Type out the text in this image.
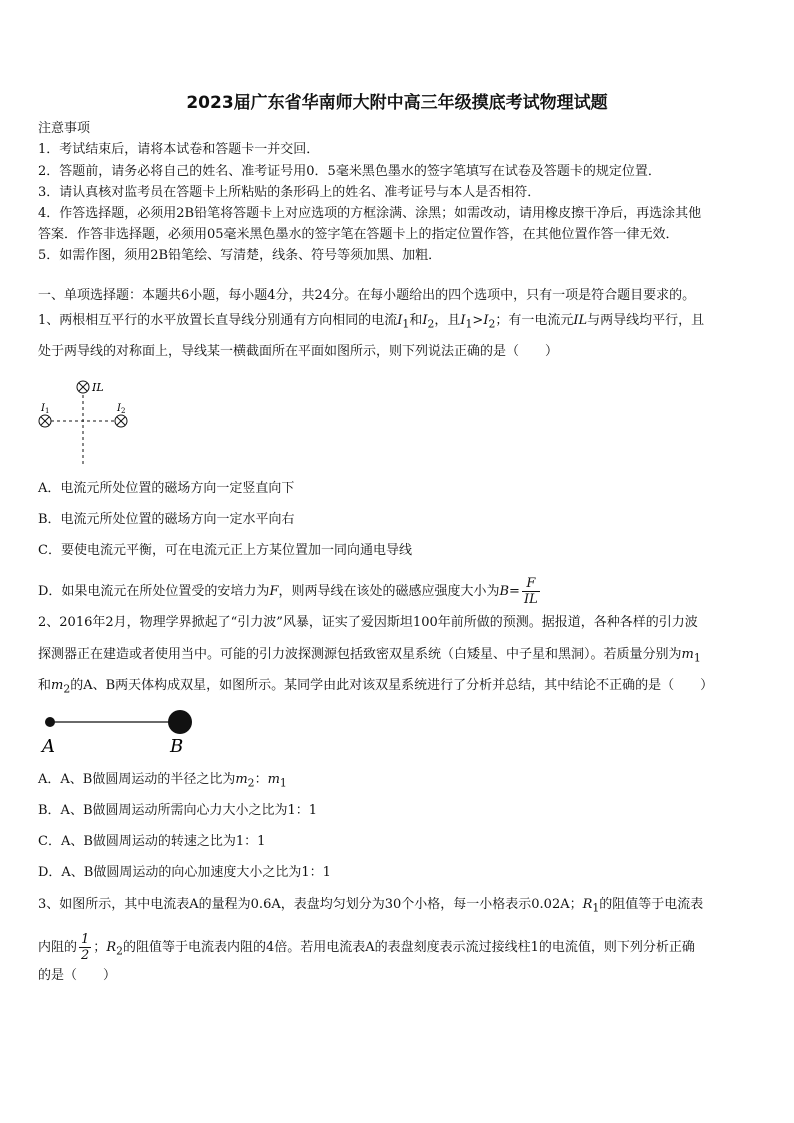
2023届广东省华南师大附中高三年级摸底考试物理试题
注意事项
1．考试结束后，请将本试卷和答题卡一并交回．
2．答题前，请务必将自己的姓名、准考证号用0．5毫米黑色墨水的签字笔填写在试卷及答题卡的规定位置．
3．请认真核对监考员在答题卡上所粘贴的条形码上的姓名、准考证号与本人是否相符．
4．作答选择题，必须用2B铅笔将答题卡上对应选项的方框涂满、涂黑；如需改动，请用橡皮擦干净后，再选涂其他
答案．作答非选择题，必须用05毫米黑色墨水的签字笔在答题卡上的指定位置作答，在其他位置作答一律无效．
5．如需作图，须用2B铅笔绘、写清楚，线条、符号等须加黑、加粗．
一、单项选择题：本题共6小题，每小题4分，共24分。在每小题给出的四个选项中，只有一项是符合题目要求的。
1、两根相互平行的水平放置长直导线分别通有方向相同的电流$I_1$和$I_2$，且$I_1>I_2$；有一电流元IL与两导线均平行，且
处于两导线的对称面上，导线某一横截面所在平面如图所示，则下列说法正确的是（　　）
IL
$I_1$	$I_2$
A．电流元所处位置的磁场方向一定竖直向下
B．电流元所处位置的磁场方向一定水平向右
C．要使电流元平衡，可在电流元正上方某位置加一同向通电导线
D．如果电流元在所处位置受的安培力为F，则两导线在该处的磁感应强度大小为$B= \frac{F}{IL}$
2、2016年2月，物理学界掀起了“引力波”风暴，证实了爱因斯坦100年前所做的预测。据报道，各种各样的引力波
探测器正在建造或者使用当中。可能的引力波探测源包括致密双星系统（白矮星、中子星和黑洞）。若质量分别为$m_1$
和$m_2$的A、B两天体构成双星，如图所示。某同学由此对该双星系统进行了分析并总结，其中结论不正确的是（　　）
A	B
A．A、B做圆周运动的半径之比为$m_2$：$m_1$
B．A、B做圆周运动所需向心力大小之比为1：1
C．A、B做圆周运动的转速之比为1：1
D．A、B做圆周运动的向心加速度大小之比为1：1
3、如图所示，其中电流表A的量程为0.6A，表盘均匀划分为30个小格，每一小格表示0.02A；$R_1$的阻值等于电流表
内阻的 $\frac{1}{2}$ ；$R_2$的阻值等于电流表内阻的4倍。若用电流表A的表盘刻度表示流过接线柱1的电流值，则下列分析正确
的是（　　）
